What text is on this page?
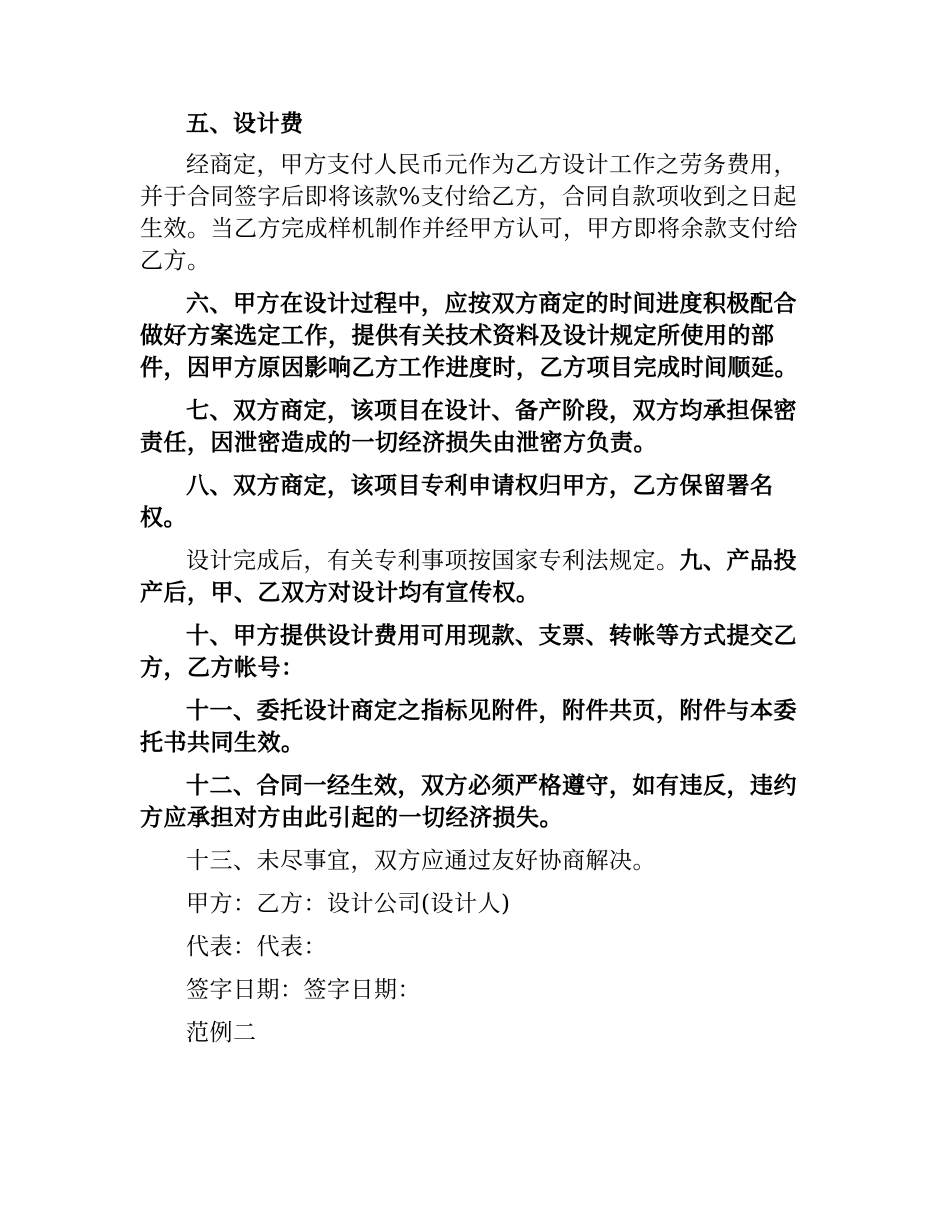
五、设计费

经商定，甲方支付人民币元作为乙方设计工作之劳务费用，并于合同签字后即将该款%支付给乙方，合同自款项收到之日起生效。当乙方完成样机制作并经甲方认可，甲方即将余款支付给乙方。

六、甲方在设计过程中，应按双方商定的时间进度积极配合做好方案选定工作，提供有关技术资料及设计规定所使用的部件，因甲方原因影响乙方工作进度时，乙方项目完成时间顺延。

七、双方商定，该项目在设计、备产阶段，双方均承担保密责任，因泄密造成的一切经济损失由泄密方负责。

八、双方商定，该项目专利申请权归甲方，乙方保留署名权。

设计完成后，有关专利事项按国家专利法规定。九、产品投产后，甲、乙双方对设计均有宣传权。

十、甲方提供设计费用可用现款、支票、转帐等方式提交乙方，乙方帐号：

十一、委托设计商定之指标见附件，附件共页，附件与本委托书共同生效。

十二、合同一经生效，双方必须严格遵守，如有违反，违约方应承担对方由此引起的一切经济损失。

十三、未尽事宜，双方应通过友好协商解决。

甲方：乙方：设计公司(设计人)

代表：代表：

签字日期：签字日期：

范例二
